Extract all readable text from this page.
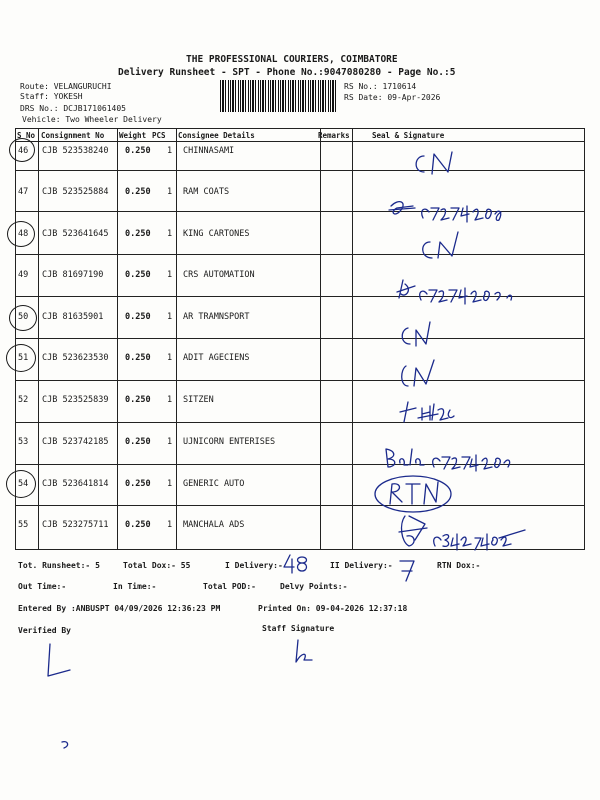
THE PROFESSIONAL COURIERS, COIMBATORE
Delivery Runsheet - SPT - Phone No.:9047080280 - Page No.:5
Route: VELANGURUCHI
Staff: YOKESH
DRS No.: DCJB171061405
Vehicle: Two Wheeler Delivery
RS No.: 1710614
RS Date: 09-Apr-2026
S No Consignment No Weight PCS Consignee Details	Remarks	Seal & Signature
46 CJB 523538240 0.250 1 CHINNASAMI
47 CJB 523525884 0.250 1 RAM COATS
48 CJB 523641645 0.250 1 KING CARTONES
49 CJB 81697190	0.250 1 CRS AUTOMATION
50 CJB 81635901	0.250 1 AR TRAMNSPORT
51 CJB 523623530 0.250 1 ADIT AGECIENS
52 CJB 523525839 0.250 1 SITZEN
53 CJB 523742185 0.250 1 UJNICORN ENTERISES
54 CJB 523641814 0.250 1 GENERIC AUTO
55 CJB 523275711 0.250 1 MANCHALA ADS
Tot. Runsheet:- 5	Total Dox:- 55	I Delivery:-	II Delivery:-	RTN Dox:-
Out Time:-	In Time:-	Total POD:-	Delvy Points:-
Entered By :ANBUSPT 04/09/2026 12:36:23 PM	Printed On: 09-04-2026 12:37:18
Verified By	Staff Signature
